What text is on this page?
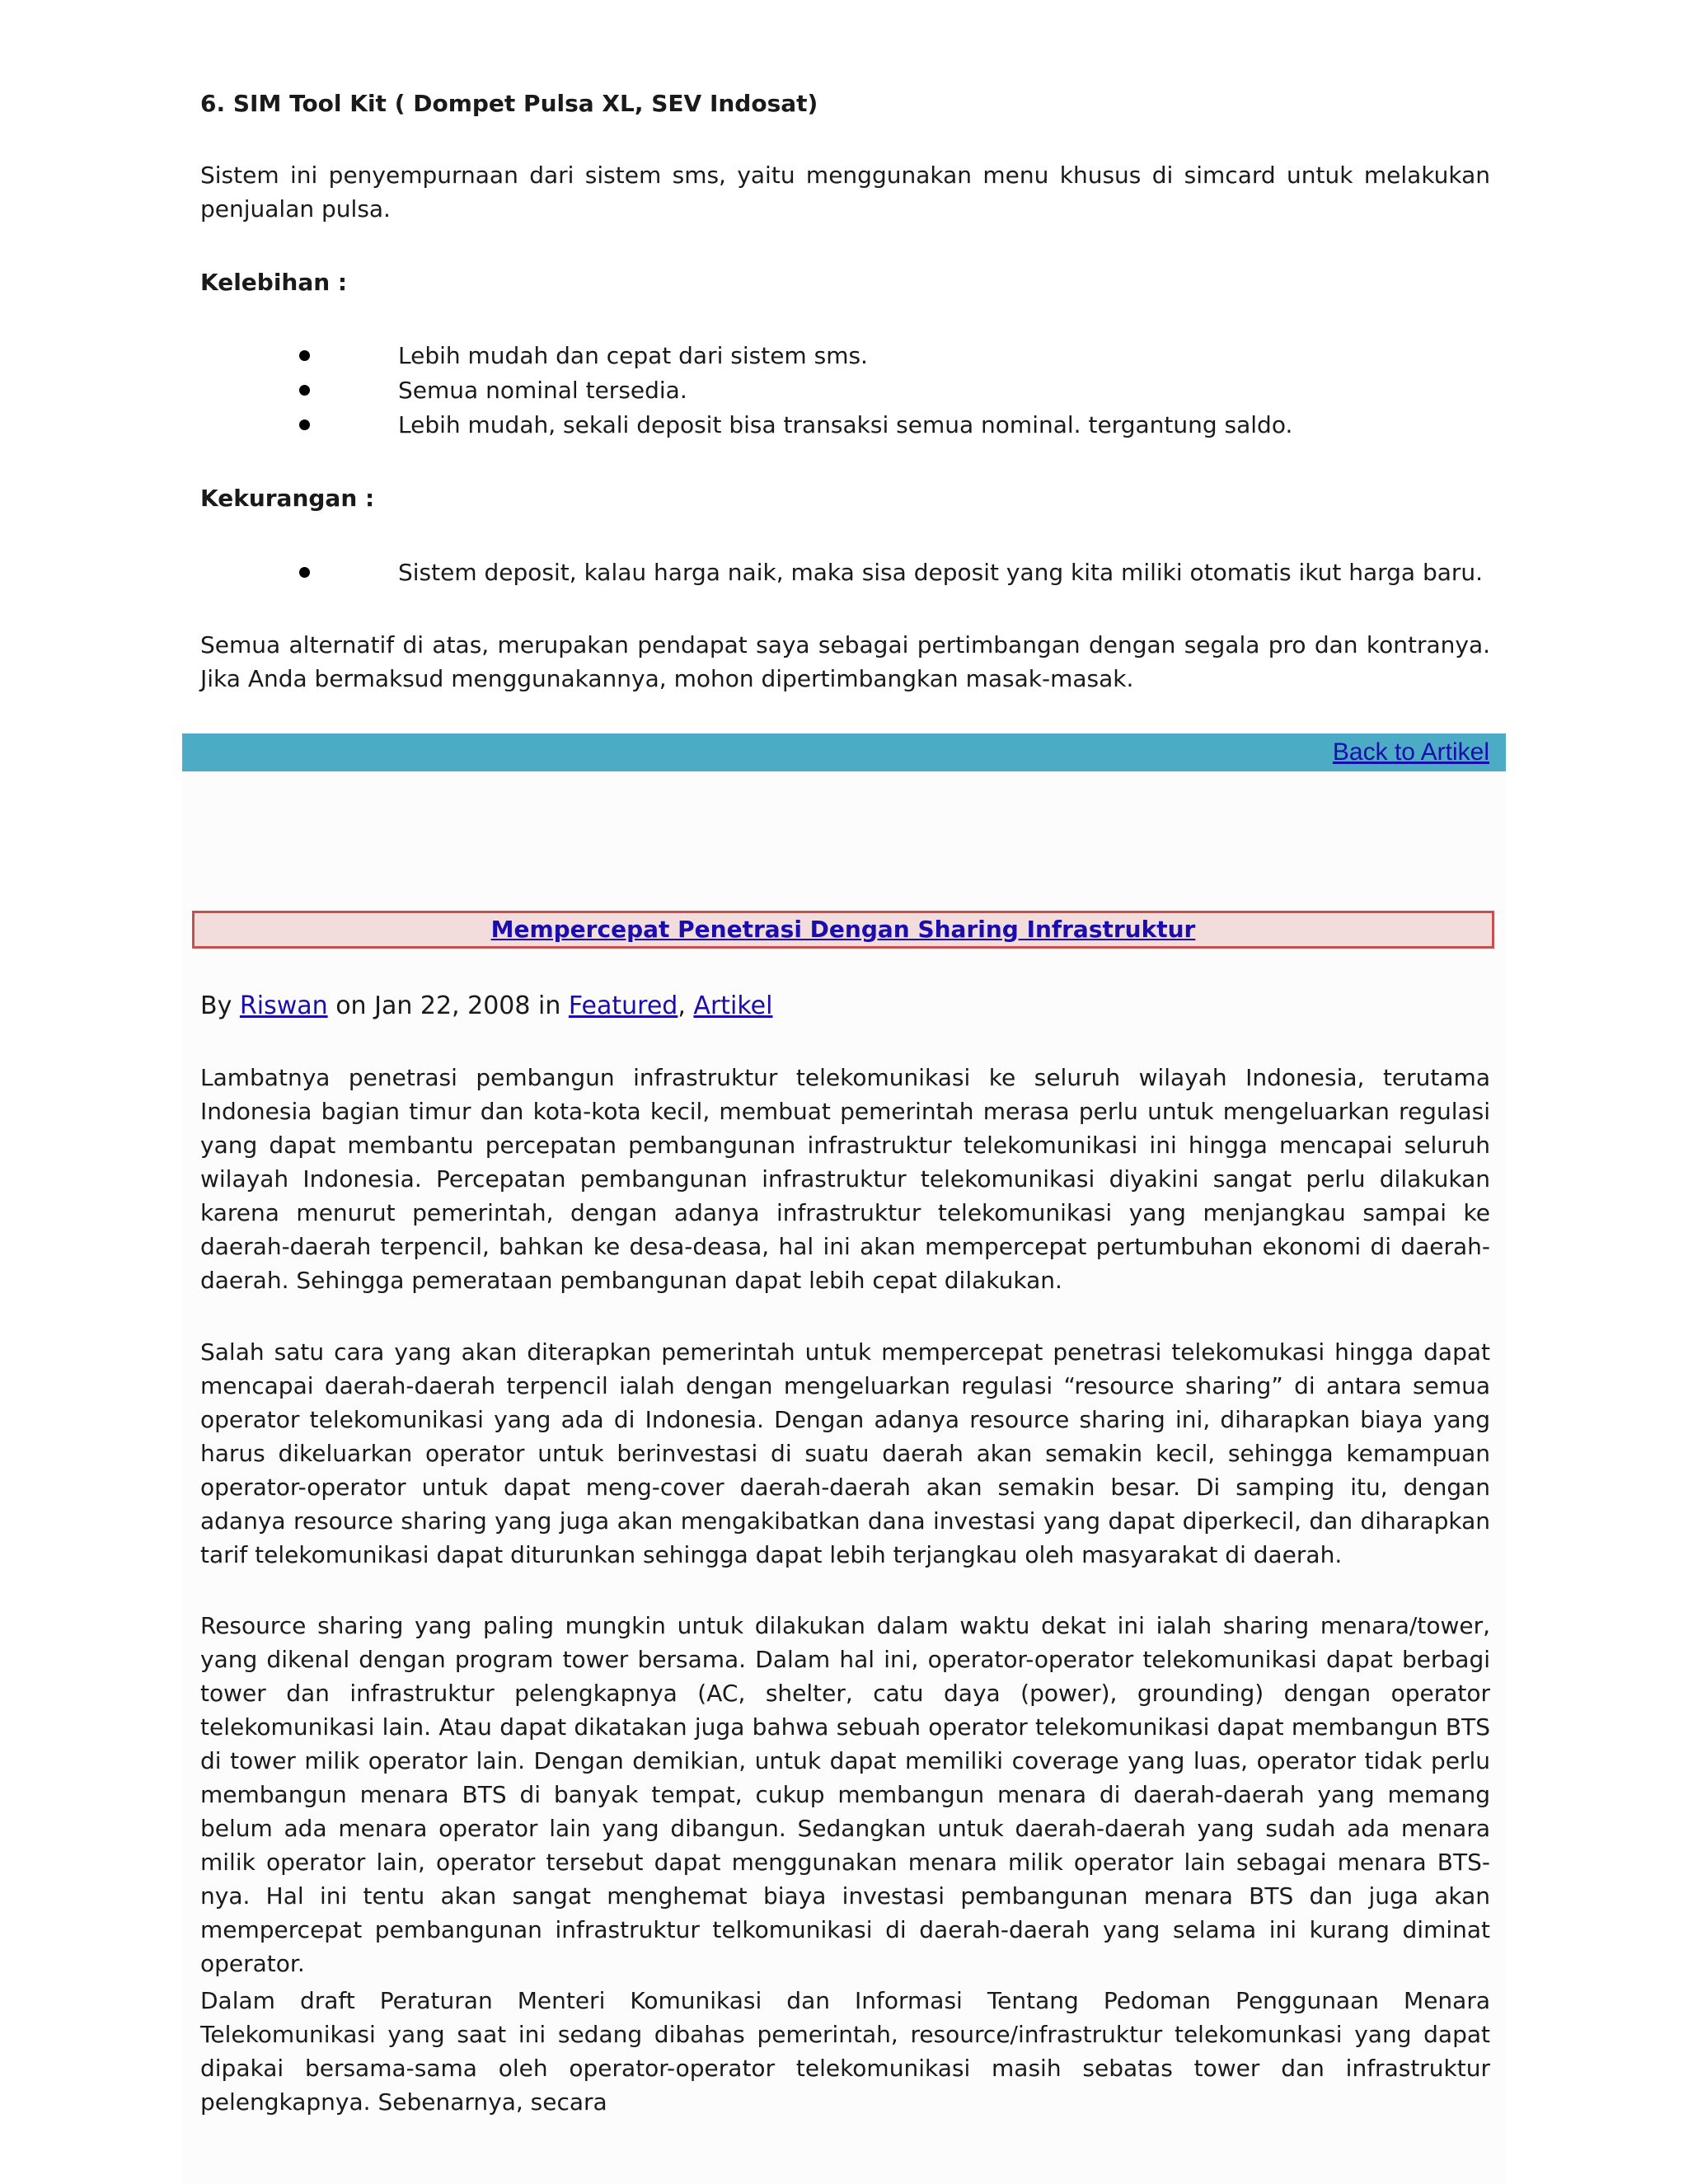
6. SIM Tool Kit ( Dompet Pulsa XL, SEV Indosat)

Sistem ini penyempurnaan dari sistem sms, yaitu menggunakan menu khusus di simcard untuk melakukan penjualan pulsa.

Kelebihan :
Lebih mudah dan cepat dari sistem sms.
Semua nominal tersedia.
Lebih mudah, sekali deposit bisa transaksi semua nominal. tergantung saldo.
Kekurangan :
Sistem deposit, kalau harga naik, maka sisa deposit yang kita miliki otomatis ikut harga baru.

Semua alternatif di atas, merupakan pendapat saya sebagai pertimbangan dengan segala pro dan kontranya. Jika Anda bermaksud menggunakannya, mohon dipertimbangkan masak-masak.

Back to Artikel
Mempercepat Penetrasi Dengan Sharing Infrastruktur
By Riswan on Jan 22, 2008 in Featured, Artikel

Lambatnya penetrasi pembangun infrastruktur telekomunikasi ke seluruh wilayah Indonesia, terutama Indonesia bagian timur dan kota-kota kecil, membuat pemerintah merasa perlu untuk mengeluarkan regulasi yang dapat membantu percepatan pembangunan infrastruktur telekomunikasi ini hingga mencapai seluruh wilayah Indonesia. Percepatan pembangunan infrastruktur telekomunikasi diyakini sangat perlu dilakukan karena menurut pemerintah, dengan adanya infrastruktur telekomunikasi yang menjangkau sampai ke daerah-daerah terpencil, bahkan ke desa-deasa, hal ini akan mempercepat pertumbuhan ekonomi di daerah-daerah. Sehingga pemerataan pembangunan dapat lebih cepat dilakukan.

Salah satu cara yang akan diterapkan pemerintah untuk mempercepat penetrasi telekomukasi hingga dapat mencapai daerah-daerah terpencil ialah dengan mengeluarkan regulasi “resource sharing” di antara semua operator telekomunikasi yang ada di Indonesia. Dengan adanya resource sharing ini, diharapkan biaya yang harus dikeluarkan operator untuk berinvestasi di suatu daerah akan semakin kecil, sehingga kemampuan operator-operator untuk dapat meng-cover daerah-daerah akan semakin besar. Di samping itu, dengan adanya resource sharing yang juga akan mengakibatkan dana investasi yang dapat diperkecil, dan diharapkan tarif telekomunikasi dapat diturunkan sehingga dapat lebih terjangkau oleh masyarakat di daerah.

Resource sharing yang paling mungkin untuk dilakukan dalam waktu dekat ini ialah sharing menara/tower, yang dikenal dengan program tower bersama. Dalam hal ini, operator-operator telekomunikasi dapat berbagi tower dan infrastruktur pelengkapnya (AC, shelter, catu daya (power), grounding) dengan operator telekomunikasi lain. Atau dapat dikatakan juga bahwa sebuah operator telekomunikasi dapat membangun BTS di tower milik operator lain. Dengan demikian, untuk dapat memiliki coverage yang luas, operator tidak perlu membangun menara BTS di banyak tempat, cukup membangun menara di daerah-daerah yang memang belum ada menara operator lain yang dibangun. Sedangkan untuk daerah-daerah yang sudah ada menara milik operator lain, operator tersebut dapat menggunakan menara milik operator lain sebagai menara BTS-nya. Hal ini tentu akan sangat menghemat biaya investasi pembangunan menara BTS dan juga akan mempercepat pembangunan infrastruktur telkomunikasi di daerah-daerah yang selama ini kurang diminat operator.

Dalam draft Peraturan Menteri Komunikasi dan Informasi Tentang Pedoman Penggunaan Menara Telekomunikasi yang saat ini sedang dibahas pemerintah, resource/infrastruktur telekomunkasi yang dapat dipakai bersama-sama oleh operator-operator telekomunikasi masih sebatas tower dan infrastruktur pelengkapnya. Sebenarnya, secara
